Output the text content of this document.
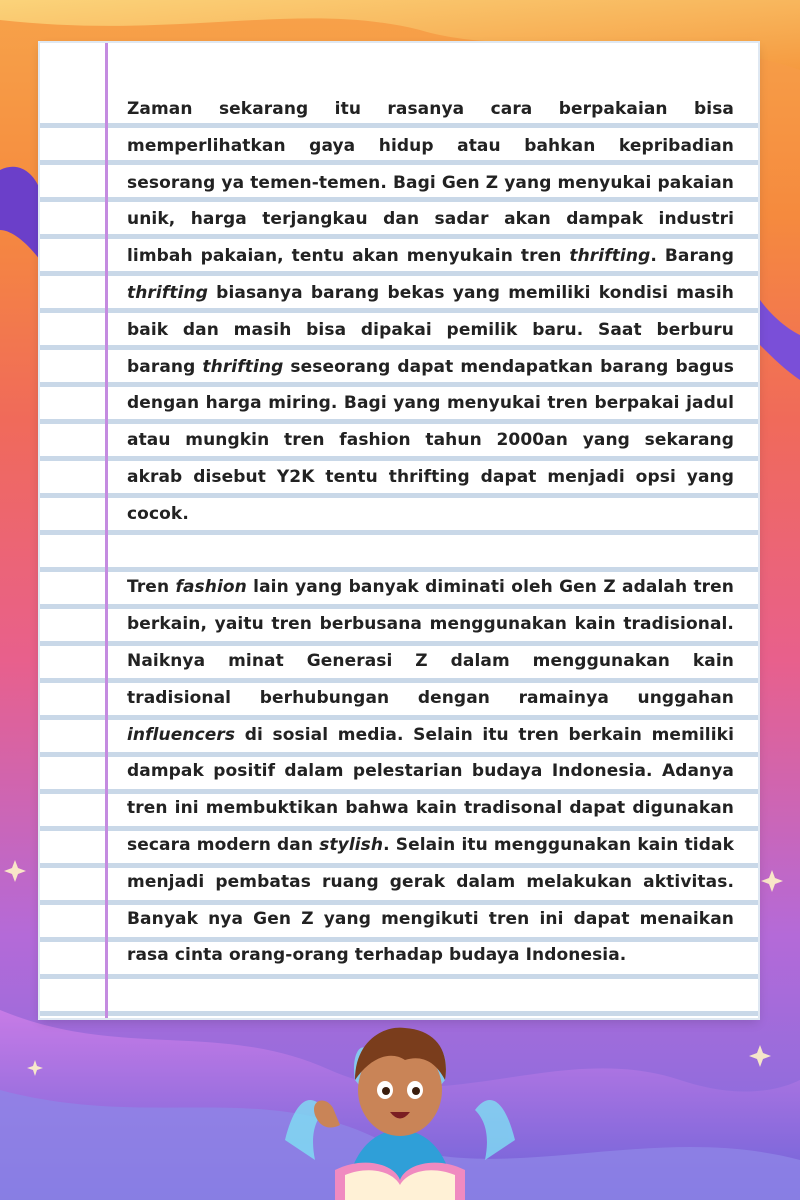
Zaman sekarang itu rasanya cara berpakaian bisa memperlihatkan gaya hidup atau bahkan kepribadian sesorang ya temen-temen. Bagi Gen Z yang menyukai pakaian unik, harga terjangkau dan sadar akan dampak industri limbah pakaian, tentu akan menyukain tren thrifting. Barang thrifting biasanya barang bekas yang memiliki kondisi masih baik dan masih bisa dipakai pemilik baru. Saat berburu barang thrifting seseorang dapat mendapatkan barang bagus dengan harga miring. Bagi yang menyukai tren berpakai jadul atau mungkin tren fashion tahun 2000an yang sekarang akrab disebut Y2K tentu thrifting dapat menjadi opsi yang cocok.

Tren fashion lain yang banyak diminati oleh Gen Z adalah tren berkain, yaitu tren berbusana menggunakan kain tradisional. Naiknya minat Generasi Z dalam menggunakan kain tradisional berhubungan dengan ramainya unggahan influencers di sosial media. Selain itu tren berkain memiliki dampak positif dalam pelestarian budaya Indonesia. Adanya tren ini membuktikan bahwa kain tradisonal dapat digunakan secara modern dan stylish. Selain itu menggunakan kain tidak menjadi pembatas ruang gerak dalam melakukan aktivitas. Banyak nya Gen Z yang mengikuti tren ini dapat menaikan rasa cinta orang-orang terhadap budaya Indonesia.
